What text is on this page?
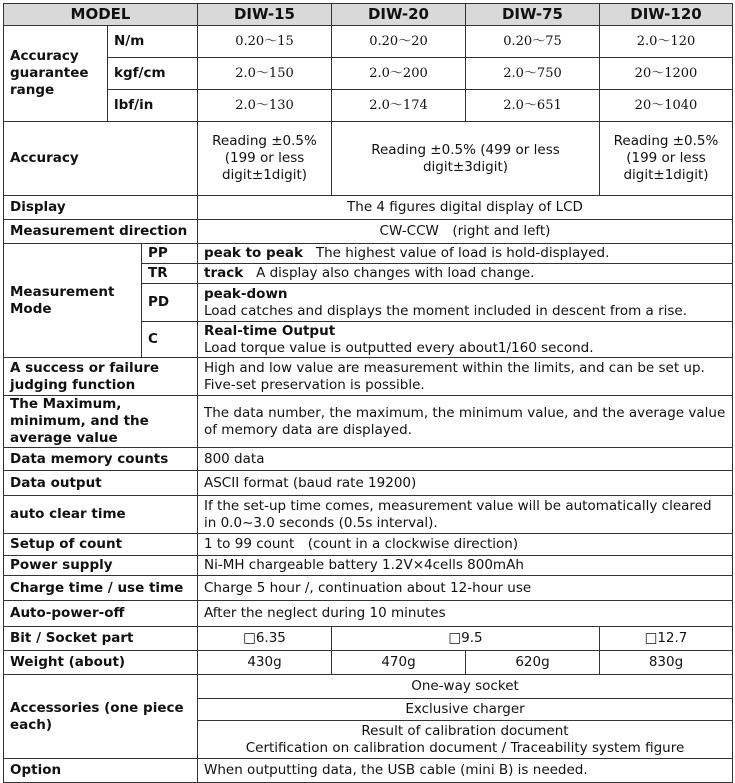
MODEL			DIW-15	DIW-20	DIW-75	DIW-120
Accuracy guarantee range	N/m		0.20～15	0.20～20	0.20～75	2.0～120
	kgf/cm		2.0～150	2.0～200	2.0～750	20～1200
	lbf/in		2.0～130	2.0～174	2.0～651	20～1040
Accuracy			Reading ±0.5% (199 or less digit±1digit)	Reading ±0.5% (499 or less digit±3digit)		Reading ±0.5% (199 or less digit±1digit)
Display			The 4 figures digital display of LCD			
Measurement direction			CW-CCW　(right and left)			
Measurement Mode		PP	peak to peak The highest value of load is hold-displayed.			
		TR	track A display also changes with load change.			
		PD	peak-down
Load catches and displays the moment included in descent from a rise.			
		C	Real-time Output
Load torque value is outputted every about1/160 second.			
A success or failure judging function			High and low value are measurement within the limits, and can be set up. Five-set preservation is possible.			
The Maximum, minimum, and the average value			The data number, the maximum, the minimum value, and the average value of memory data are displayed.			
Data memory counts			800 data			
Data output			ASCII format (baud rate 19200)			
auto clear time			If the set-up time comes, measurement value will be automatically cleared in 0.0~3.0 seconds (0.5s interval).			
Setup of count			1 to 99 count　(count in a clockwise direction)			
Power supply			Ni-MH chargeable battery 1.2V×4cells 800mAh			
Charge time / use time			Charge 5 hour /, continuation about 12-hour use			
Auto-power-off			After the neglect during 10 minutes			
Bit / Socket part			□6.35	□9.5		□12.7
Weight (about)			430g	470g	620g	830g
Accessories (one piece each)			One-way socket			
			Exclusive charger			
			Result of calibration document
Certification on calibration document / Traceability system figure			
Option			When outputting data, the USB cable (mini B) is needed.			
